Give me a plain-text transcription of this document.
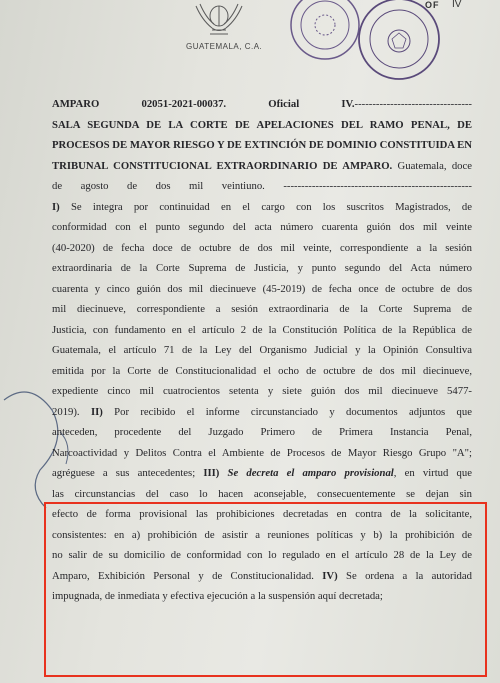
GUATEMALA, C.A.
OF IV
AMPARO 02051-2021-00037. Oficial IV.---------------------------------
SALA SEGUNDA DE LA CORTE DE APELACIONES DEL RAMO PENAL, DE
PROCESOS DE MAYOR RIESGO Y DE EXTINCIÓN DE DOMINIO CONSTITUIDA EN
TRIBUNAL CONSTITUCIONAL EXTRAORDINARIO DE AMPARO. Guatemala, doce
de agosto de dos mil veintiuno. -----------------------------------------------------
I) Se integra por continuidad en el cargo con los suscritos Magistrados, de
conformidad con el punto segundo del acta número cuarenta guión dos mil veinte
(40-2020) de fecha doce de octubre de dos mil veinte, correspondiente a la sesión
extraordinaria de la Corte Suprema de Justicia, y punto segundo del Acta número
cuarenta y cinco guión dos mil diecinueve (45-2019) de fecha once de octubre de dos
mil diecinueve, correspondiente a sesión extraordinaria de la Corte Suprema de
Justicia, con fundamento en el artículo 2 de la Constitución Política de la República de
Guatemala, el artículo 71 de la Ley del Organismo Judicial y la Opinión Consultiva
emitida por la Corte de Constitucionalidad el ocho de octubre de dos mil diecinueve,
expediente cinco mil cuatrocientos setenta y siete guión dos mil diecinueve 5477-
2019). II) Por recibido el informe circunstanciado y documentos adjuntos que
anteceden, procedente del Juzgado Primero de Primera Instancia Penal,
Narcoactividad y Delitos Contra el Ambiente de Procesos de Mayor Riesgo Grupo "A";
agréguese a sus antecedentes; III) Se decreta el amparo provisional, en virtud que
las circunstancias del caso lo hacen aconsejable, consecuentemente se dejan sin
efecto de forma provisional las prohibiciones decretadas en contra de la solicitante,
consistentes: en a) prohibición de asistir a reuniones políticas y b) la prohibición de
no salir de su domicilio de conformidad con lo regulado en el artículo 28 de la Ley de
Amparo, Exhibición Personal y de Constitucionalidad. IV) Se ordena a la autoridad
impugnada, de inmediata y efectiva ejecución a la suspensión aquí decretada;
